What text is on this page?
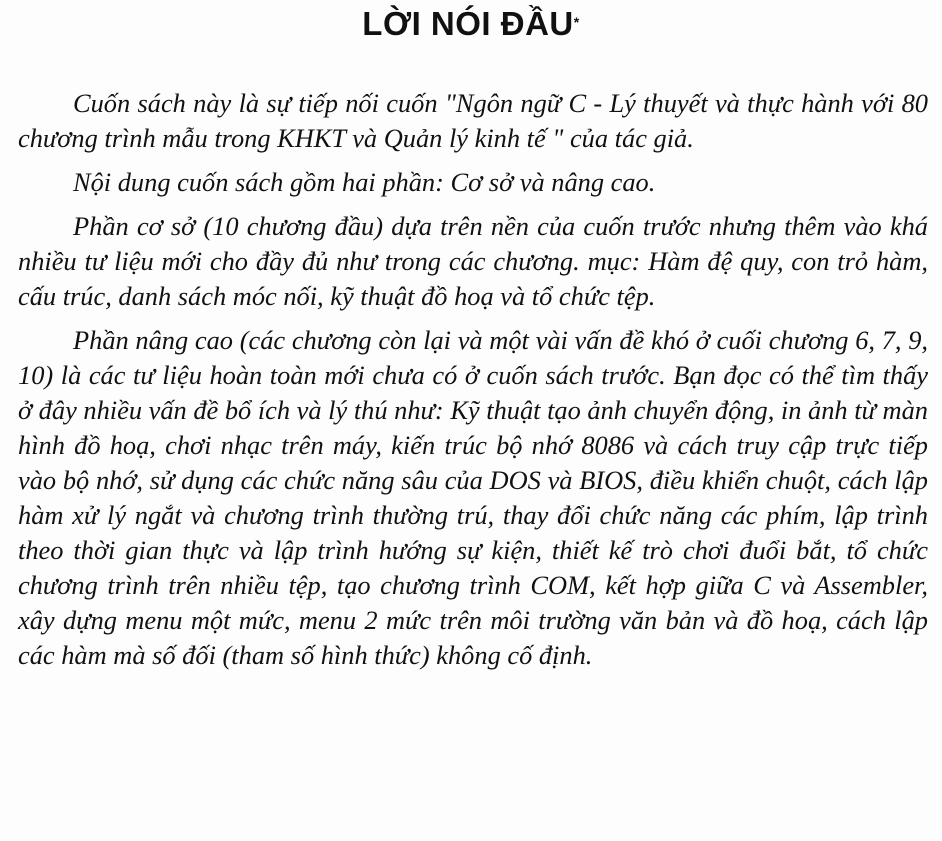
LỜI NÓI ĐẦU*

Cuốn sách này là sự tiếp nối cuốn "Ngôn ngữ C - Lý thuyết và thực hành với 80 chương trình mẫu trong KHKT và Quản lý kinh tế " của tác giả.

Nội dung cuốn sách gồm hai phần: Cơ sở và nâng cao.

Phần cơ sở (10 chương đầu) dựa trên nền của cuốn trước nhưng thêm vào khá nhiều tư liệu mới cho đầy đủ như trong các chương. mục: Hàm đệ quy, con trỏ hàm, cấu trúc, danh sách móc nối, kỹ thuật đồ hoạ và tổ chức tệp.

Phần nâng cao (các chương còn lại và một vài vấn đề khó ở cuối chương 6, 7, 9, 10) là các tư liệu hoàn toàn mới chưa có ở cuốn sách trước. Bạn đọc có thể tìm thấy ở đây nhiều vấn đề bổ ích và lý thú như: Kỹ thuật tạo ảnh chuyển động, in ảnh từ màn hình đồ hoạ, chơi nhạc trên máy, kiến trúc bộ nhớ 8086 và cách truy cập trực tiếp vào bộ nhớ, sử dụng các chức năng sâu của DOS và BIOS, điều khiển chuột, cách lập hàm xử lý ngắt và chương trình thường trú, thay đổi chức năng các phím, lập trình theo thời gian thực và lập trình hướng sự kiện, thiết kế trò chơi đuổi bắt, tổ chức chương trình trên nhiều tệp, tạo chương trình COM, kết hợp giữa C và Assembler, xây dựng menu một mức, menu 2 mức trên môi trường văn bản và đồ hoạ, cách lập các hàm mà số đối (tham số hình thức) không cố định.
